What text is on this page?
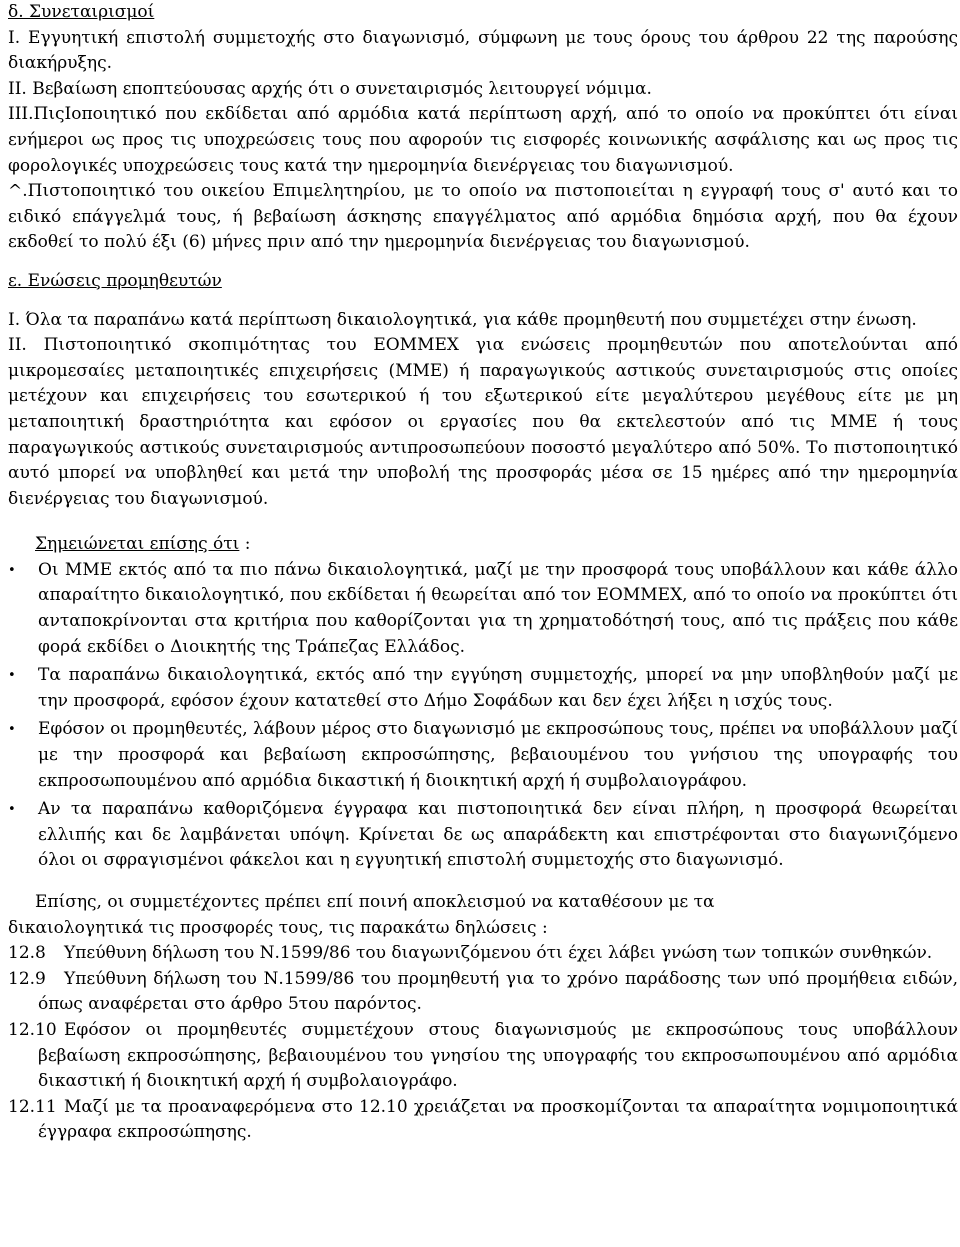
δ. Συνεταιρισμοί

I. Εγγυητική επιστολή συμμετοχής στο διαγωνισμό, σύμφωνη με τους όρους του άρθρου 22 της παρούσης διακήρυξης.

II. Βεβαίωση εποπτεύουσας αρχής ότι ο συνεταιρισμός λειτουργεί νόμιμα.

III.ΠιςΙοποιητικό που εκδίδεται από αρμόδια κατά περίπτωση αρχή, από το οποίο να προκύπτει ότι είναι ενήμεροι ως προς τις υποχρεώσεις τους που αφορούν τις εισφορές κοινωνικής ασφάλισης και ως προς τις φορολογικές υποχρεώσεις τους κατά την ημερομηνία διενέργειας του διαγωνισμού.

^.Πιστοποιητικό του οικείου Επιμελητηρίου, με το οποίο να πιστοποιείται η εγγραφή τους σ' αυτό και το ειδικό επάγγελμά τους, ή βεβαίωση άσκησης επαγγέλματος από αρμόδια δημόσια αρχή, που θα έχουν εκδοθεί το πολύ έξι (6) μήνες πριν από την ημερομηνία διενέργειας του διαγωνισμού.

ε. Ενώσεις προμηθευτών

I. Όλα τα παραπάνω κατά περίπτωση δικαιολογητικά, για κάθε προμηθευτή που συμμετέχει στην ένωση.

II. Πιστοποιητικό σκοπιμότητας του ΕΟΜΜΕΧ για ενώσεις προμηθευτών που αποτελούνται από μικρομεσαίες μεταποιητικές επιχειρήσεις (ΜΜΕ) ή παραγωγικούς αστικούς συνεταιρισμούς στις οποίες μετέχουν και επιχειρήσεις του εσωτερικού ή του εξωτερικού είτε μεγαλύτερου μεγέθους είτε με μη μεταποιητική δραστηριότητα και εφόσον οι εργασίες που θα εκτελεστούν από τις ΜΜΕ ή τους παραγωγικούς αστικούς συνεταιρισμούς αντιπροσωπεύουν ποσοστό μεγαλύτερο από 50%. Το πιστοποιητικό αυτό μπορεί να υποβληθεί και μετά την υποβολή της προσφοράς μέσα σε 15 ημέρες από την ημερομηνία διενέργειας του διαγωνισμού.

Σημειώνεται επίσης ότι :

• Οι ΜΜΕ εκτός από τα πιο πάνω δικαιολογητικά, μαζί με την προσφορά τους υποβάλλουν και κάθε άλλο απαραίτητο δικαιολογητικό, που εκδίδεται ή θεωρείται από τον ΕΟΜΜΕΧ, από το οποίο να προκύπτει ότι ανταποκρίνονται στα κριτήρια που καθορίζονται για τη χρηματοδότησή τους, από τις πράξεις που κάθε φορά εκδίδει ο Διοικητής της Τράπεζας Ελλάδος.
• Τα παραπάνω δικαιολογητικά, εκτός από την εγγύηση συμμετοχής, μπορεί να μην υποβληθούν μαζί με την προσφορά, εφόσον έχουν κατατεθεί στο Δήμο Σοφάδων και δεν έχει λήξει η ισχύς τους.
• Εφόσον οι προμηθευτές, λάβουν μέρος στο διαγωνισμό με εκπροσώπους τους, πρέπει να υποβάλλουν μαζί με την προσφορά και βεβαίωση εκπροσώπησης, βεβαιουμένου του γνήσιου της υπογραφής του εκπροσωπουμένου από αρμόδια δικαστική ή διοικητική αρχή ή συμβολαιογράφου.
• Αν τα παραπάνω καθοριζόμενα έγγραφα και πιστοποιητικά δεν είναι πλήρη, η προσφορά θεωρείται ελλιπής και δε λαμβάνεται υπόψη. Κρίνεται δε ως απαράδεκτη και επιστρέφονται στο διαγωνιζόμενο όλοι οι σφραγισμένοι φάκελοι και η εγγυητική επιστολή συμμετοχής στο διαγωνισμό.

Επίσης, οι συμμετέχοντες πρέπει επί ποινή αποκλεισμού να καταθέσουν με τα

δικαιολογητικά τις προσφορές τους, τις παρακάτω δηλώσεις :

12.8 Υπεύθυνη δήλωση του Ν.1599/86 του διαγωνιζόμενου ότι έχει λάβει γνώση των τοπικών συνθηκών.
12.9 Υπεύθυνη δήλωση του Ν.1599/86 του προμηθευτή για το χρόνο παράδοσης των υπό προμήθεια ειδών, όπως αναφέρεται στο άρθρο 5του παρόντος.
12.10 Εφόσον οι προμηθευτές συμμετέχουν στους διαγωνισμούς με εκπροσώπους τους υποβάλλουν βεβαίωση εκπροσώπησης, βεβαιουμένου του γνησίου της υπογραφής του εκπροσωπουμένου από αρμόδια δικαστική ή διοικητική αρχή ή συμβολαιογράφο.
12.11 Μαζί με τα προαναφερόμενα στο 12.10 χρειάζεται να προσκομίζονται τα απαραίτητα νομιμοποιητικά έγγραφα εκπροσώπησης.
